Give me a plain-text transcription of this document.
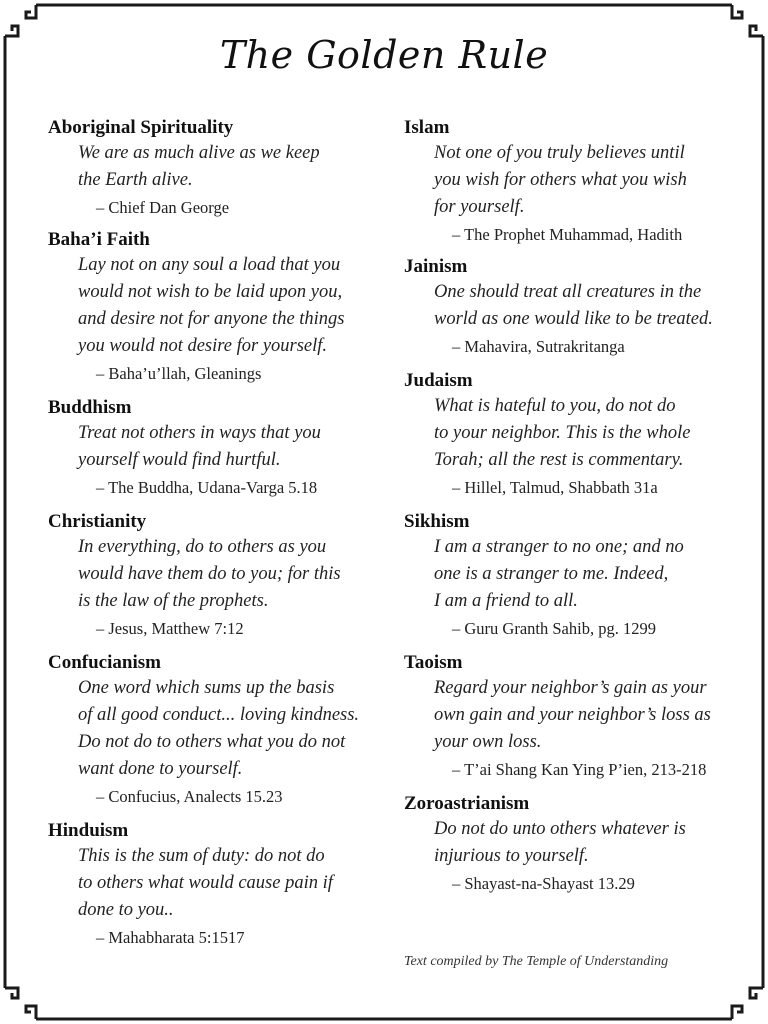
The Golden Rule
Aboriginal Spirituality
We are as much alive as we keep
the Earth alive.
– Chief Dan George
Baha’i Faith
Lay not on any soul a load that you
would not wish to be laid upon you,
and desire not for anyone the things
you would not desire for yourself.
– Baha’u’llah, Gleanings
Buddhism
Treat not others in ways that you
yourself would find hurtful.
– The Buddha, Udana-Varga 5.18
Christianity
In everything, do to others as you
would have them do to you; for this
is the law of the prophets.
– Jesus, Matthew 7:12
Confucianism
One word which sums up the basis
of all good conduct... loving kindness.
Do not do to others what you do not
want done to yourself.
– Confucius, Analects 15.23
Hinduism
This is the sum of duty: do not do
to others what would cause pain if
done to you..
– Mahabharata 5:1517
Islam
Not one of you truly believes until
you wish for others what you wish
for yourself.
– The Prophet Muhammad, Hadith
Jainism
One should treat all creatures in the
world as one would like to be treated.
– Mahavira, Sutrakritanga
Judaism
What is hateful to you, do not do
to your neighbor. This is the whole
Torah; all the rest is commentary.
– Hillel, Talmud, Shabbath 31a
Sikhism
I am a stranger to no one; and no
one is a stranger to me. Indeed,
I am a friend to all.
– Guru Granth Sahib, pg. 1299
Taoism
Regard your neighbor’s gain as your
own gain and your neighbor’s loss as
your own loss.
– T’ai Shang Kan Ying P’ien, 213-218
Zoroastrianism
Do not do unto others whatever is
injurious to yourself.
– Shayast-na-Shayast 13.29
Text compiled by The Temple of Understanding
